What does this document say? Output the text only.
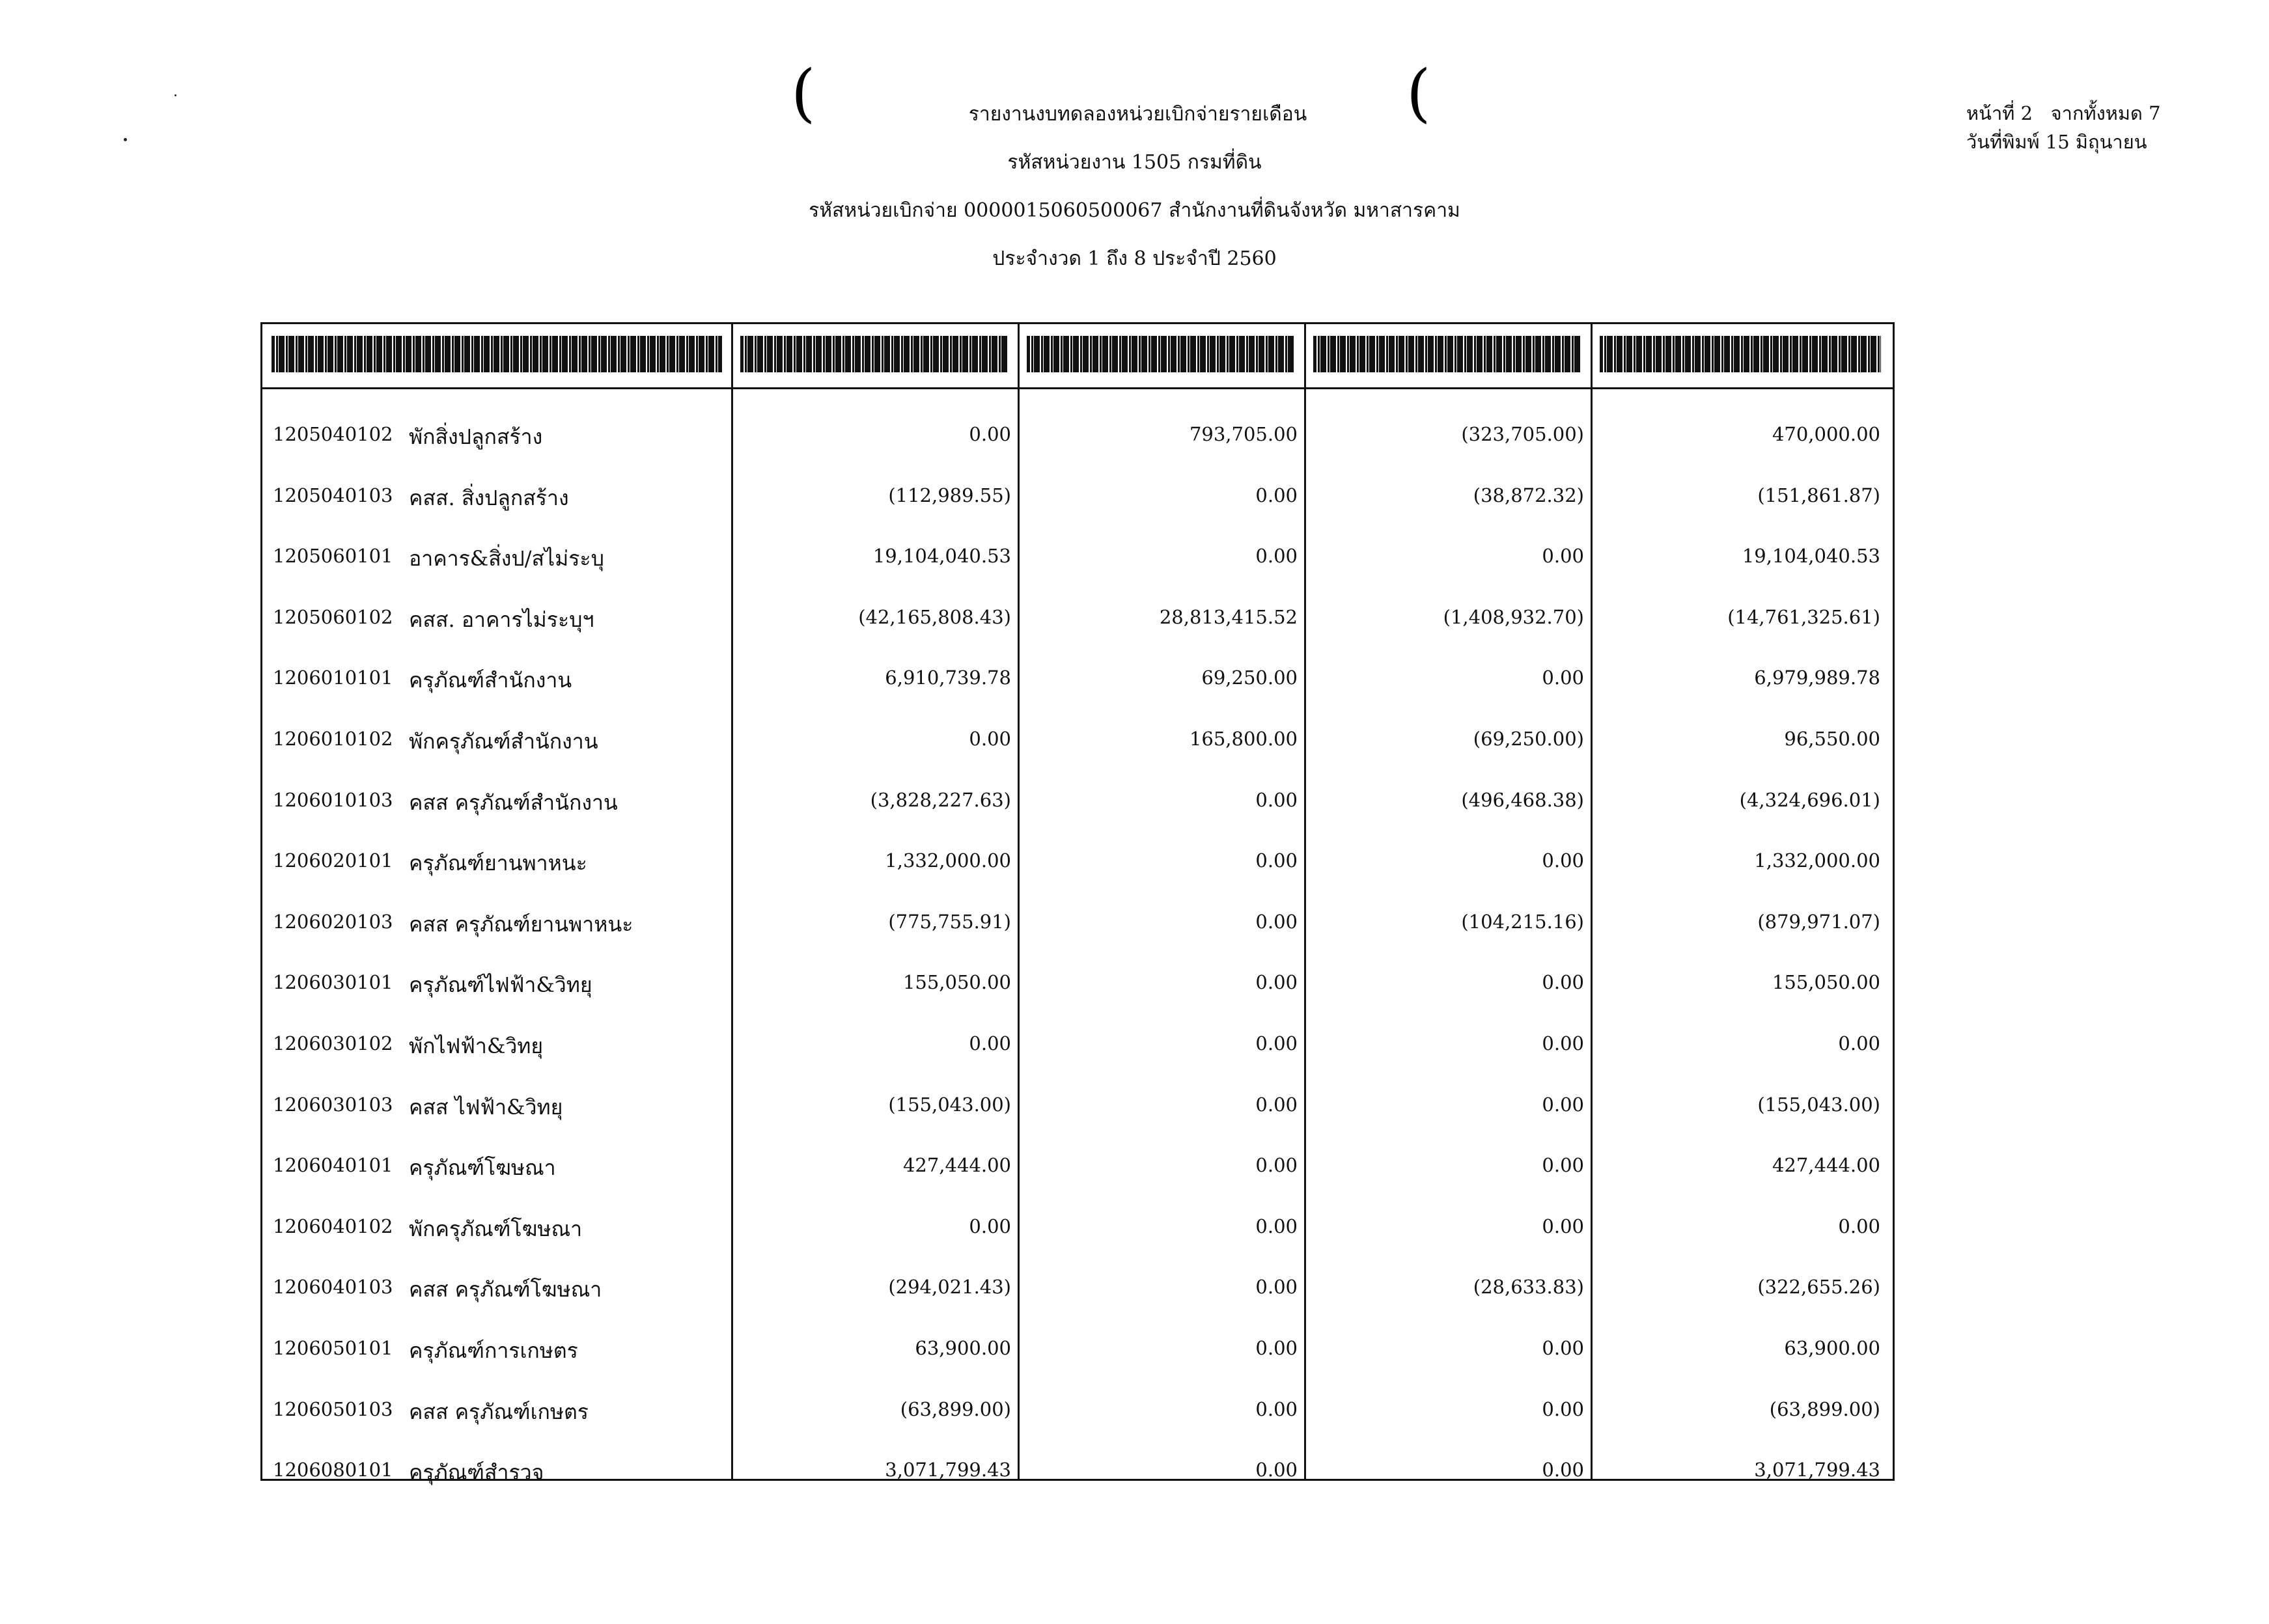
(	(
รายงานงบทดลองหน่วยเบิกจ่ายรายเดือน
รหัสหน่วยงาน 1505 กรมที่ดิน
รหัสหน่วยเบิกจ่าย 0000015060500067 สำนักงานที่ดินจังหวัด มหาสารคาม
ประจำงวด 1 ถึง 8 ประจำปี 2560
หน้าที่ 2 จากทั้งหมด 7
วันที่พิมพ์ 15 มิถุนายน
1205040102 พักสิ่งปลูกสร้าง	0.00	793,705.00	(323,705.00)	470,000.00
1205040103 คสส. สิ่งปลูกสร้าง	(112,989.55)	0.00	(38,872.32)	(151,861.87)
1205060101 อาคาร&สิ่งป/สไม่ระบุ	19,104,040.53	0.00	0.00	19,104,040.53
1205060102 คสส. อาคารไม่ระบุฯ	(42,165,808.43)	28,813,415.52	(1,408,932.70)	(14,761,325.61)
1206010101 ครุภัณฑ์สำนักงาน	6,910,739.78	69,250.00	0.00	6,979,989.78
1206010102 พักครุภัณฑ์สำนักงาน	0.00	165,800.00	(69,250.00)	96,550.00
1206010103 คสส ครุภัณฑ์สำนักงาน	(3,828,227.63)	0.00	(496,468.38)	(4,324,696.01)
1206020101 ครุภัณฑ์ยานพาหนะ	1,332,000.00	0.00	0.00	1,332,000.00
1206020103 คสส ครุภัณฑ์ยานพาหนะ	(775,755.91)	0.00	(104,215.16)	(879,971.07)
1206030101 ครุภัณฑ์ไฟฟ้า&วิทยุ	155,050.00	0.00	0.00	155,050.00
1206030102 พักไฟฟ้า&วิทยุ	0.00	0.00	0.00	0.00
1206030103 คสส ไฟฟ้า&วิทยุ	(155,043.00)	0.00	0.00	(155,043.00)
1206040101 ครุภัณฑ์โฆษณา	427,444.00	0.00	0.00	427,444.00
1206040102 พักครุภัณฑ์โฆษณา	0.00	0.00	0.00	0.00
1206040103 คสส ครุภัณฑ์โฆษณา	(294,021.43)	0.00	(28,633.83)	(322,655.26)
1206050101 ครุภัณฑ์การเกษตร	63,900.00	0.00	0.00	63,900.00
1206050103 คสส ครุภัณฑ์เกษตร	(63,899.00)	0.00	0.00	(63,899.00)
1206080101 ครุภัณฑ์สำรวจ	3,071,799.43	0.00	0.00	3,071,799.43
